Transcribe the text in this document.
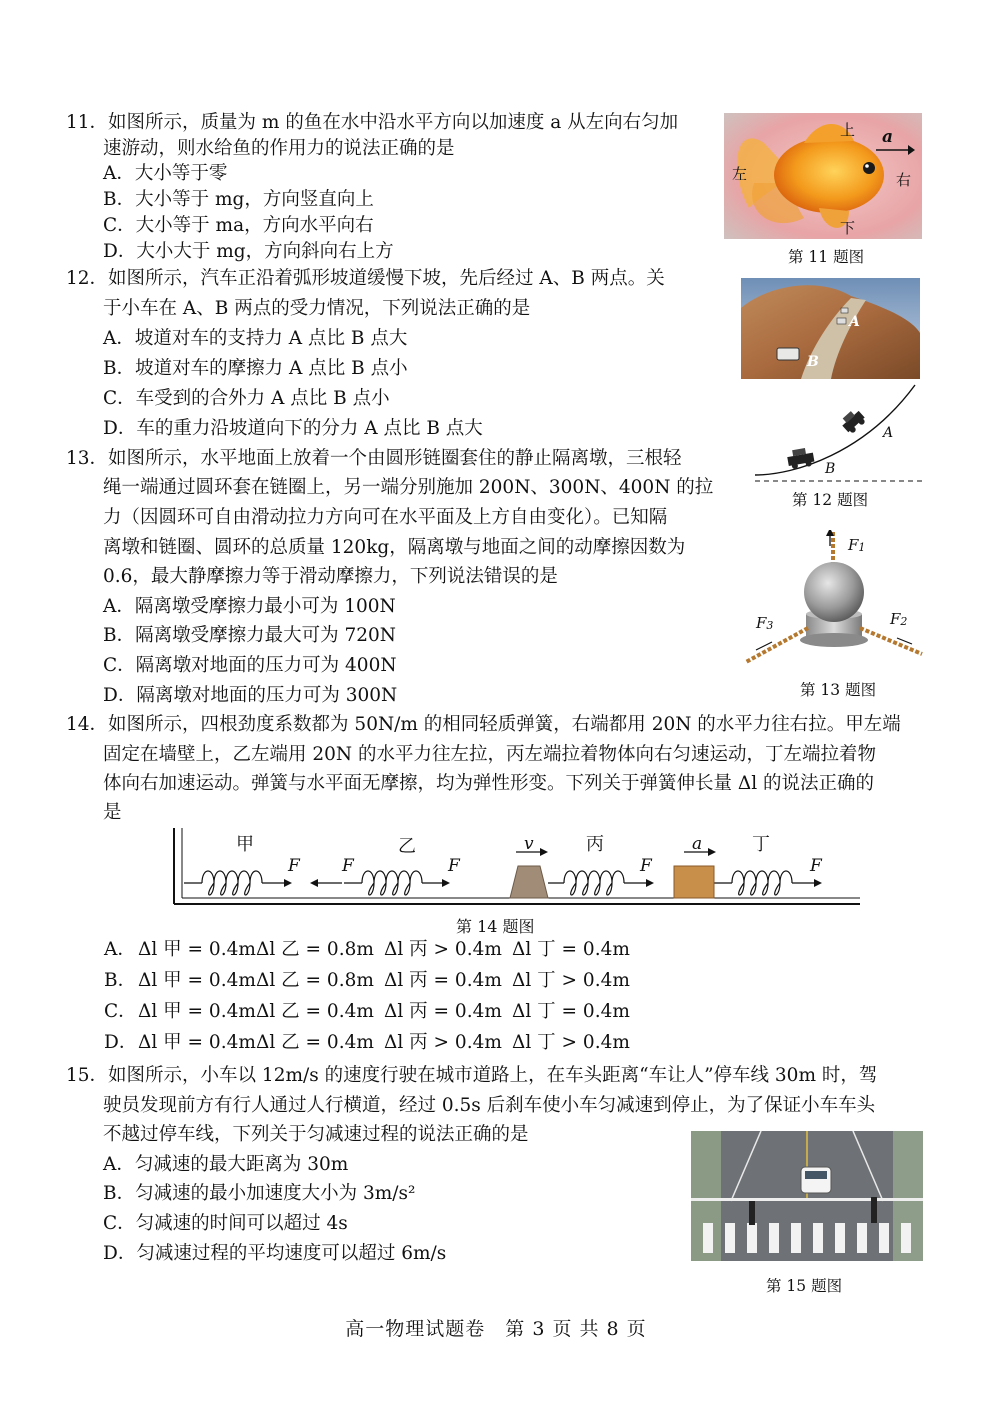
11．如图所示，质量为 m 的鱼在水中沿水平方向以加速度 a 从左向右匀加
速游动，则水给鱼的作用力的说法正确的是
A．大小等于零
B．大小等于 mg，方向竖直向上
C．大小等于 ma，方向水平向右
D．大小大于 mg，方向斜向右上方
上
下
左	右
a
第 11 题图
12．如图所示，汽车正沿着弧形坡道缓慢下坡，先后经过 A、B 两点。关
于小车在 A、B 两点的受力情况，下列说法正确的是
A．坡道对车的支持力 A 点比 B 点大
B．坡道对车的摩擦力 A 点比 B 点小
C．车受到的合外力 A 点比 B 点小
D．车的重力沿坡道向下的分力 A 点比 B 点大
A
B
A
B
第 12 题图
13．如图所示，水平地面上放着一个由圆形链圈套住的静止隔离墩，三根轻
绳一端通过圆环套在链圈上，另一端分别施加 200N、300N、400N 的拉
力（因圆环可自由滑动拉力方向可在水平面及上方自由变化）。已知隔
离墩和链圈、圆环的总质量 120kg，隔离墩与地面之间的动摩擦因数为
0.6，最大静摩擦力等于滑动摩擦力，下列说法错误的是
A．隔离墩受摩擦力最小可为 100N
B．隔离墩受摩擦力最大可为 720N
C．隔离墩对地面的压力可为 400N
D．隔离墩对地面的压力可为 300N
F1
F2
F3
第 13 题图
14．如图所示，四根劲度系数都为 50N/m 的相同轻质弹簧，右端都用 20N 的水平力往右拉。甲左端
固定在墙壁上，乙左端用 20N 的水平力往左拉，丙左端拉着物体向右匀速运动，丁左端拉着物
体向右加速运动。弹簧与水平面无摩擦，均为弹性形变。下列关于弹簧伸长量 Δl 的说法正确的
是
甲	乙	丙	丁
F F	F	F	F
v	a
第 14 题图
A． Δl 甲 = 0.4mΔl 乙 = 0.8m Δl 丙 > 0.4m Δl 丁 = 0.4m
B． Δl 甲 = 0.4mΔl 乙 = 0.8m Δl 丙 = 0.4m Δl 丁 > 0.4m
C．Δl 甲 = 0.4mΔl 乙 = 0.4m Δl 丙 = 0.4m Δl 丁 = 0.4m
D．Δl 甲 = 0.4mΔl 乙 = 0.4m Δl 丙 > 0.4m Δl 丁 > 0.4m
15．如图所示，小车以 12m/s 的速度行驶在城市道路上，在车头距离“车让人”停车线 30m 时，驾
驶员发现前方有行人通过人行横道，经过 0.5s 后刹车使小车匀减速到停止，为了保证小车车头
不越过停车线，下列关于匀减速过程的说法正确的是
A．匀减速的最大距离为 30m
B．匀减速的最小加速度大小为 3m/s²
C．匀减速的时间可以超过 4s
D．匀减速过程的平均速度可以超过 6m/s
第 15 题图
高一物理试题卷　第 3 页 共 8 页
